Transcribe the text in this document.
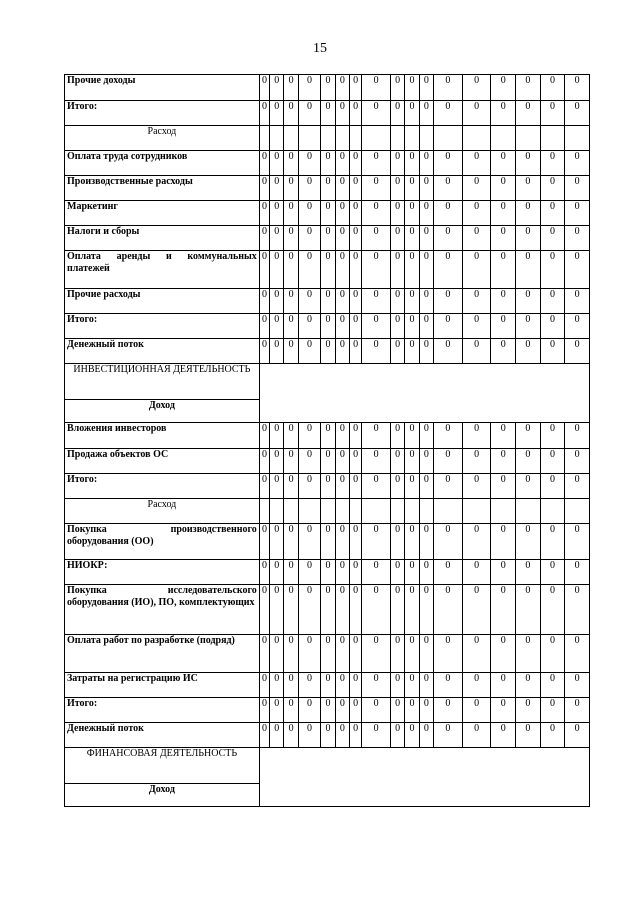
15
Прочие доходы	0	0	0	0	0	0	0	0	0	0	0	0	0	0	0	0	0
Итого:	0	0	0	0	0	0	0	0	0	0	0	0	0	0	0	0	0
Расход																	
Оплата труда сотрудников	0	0	0	0	0	0	0	0	0	0	0	0	0	0	0	0	0
Производственные расходы	0	0	0	0	0	0	0	0	0	0	0	0	0	0	0	0	0
Маркетинг	0	0	0	0	0	0	0	0	0	0	0	0	0	0	0	0	0
Налоги и сборы	0	0	0	0	0	0	0	0	0	0	0	0	0	0	0	0	0
Оплата аренды и коммунальных платежей	0	0	0	0	0	0	0	0	0	0	0	0	0	0	0	0	0
Прочие расходы	0	0	0	0	0	0	0	0	0	0	0	0	0	0	0	0	0
Итого:	0	0	0	0	0	0	0	0	0	0	0	0	0	0	0	0	0
Денежный поток	0	0	0	0	0	0	0	0	0	0	0	0	0	0	0	0	0
ИНВЕСТИЦИОННАЯ ДЕЯТЕЛЬНОСТЬ																	
Доход																	
Вложения инвесторов	0	0	0	0	0	0	0	0	0	0	0	0	0	0	0	0	0
Продажа объектов ОС	0	0	0	0	0	0	0	0	0	0	0	0	0	0	0	0	0
Итого:	0	0	0	0	0	0	0	0	0	0	0	0	0	0	0	0	0
Расход																	
Покупка производственного оборудования (ОО)	0	0	0	0	0	0	0	0	0	0	0	0	0	0	0	0	0
НИОКР:	0	0	0	0	0	0	0	0	0	0	0	0	0	0	0	0	0
Покупка исследовательского оборудования (ИО), ПО, комплектующих	0	0	0	0	0	0	0	0	0	0	0	0	0	0	0	0	0
Оплата работ по разработке (подряд)	0	0	0	0	0	0	0	0	0	0	0	0	0	0	0	0	0
Затраты на регистрацию ИС	0	0	0	0	0	0	0	0	0	0	0	0	0	0	0	0	0
Итого:	0	0	0	0	0	0	0	0	0	0	0	0	0	0	0	0	0
Денежный поток	0	0	0	0	0	0	0	0	0	0	0	0	0	0	0	0	0
ФИНАНСОВАЯ ДЕЯТЕЛЬНОСТЬ																	
Доход																	
